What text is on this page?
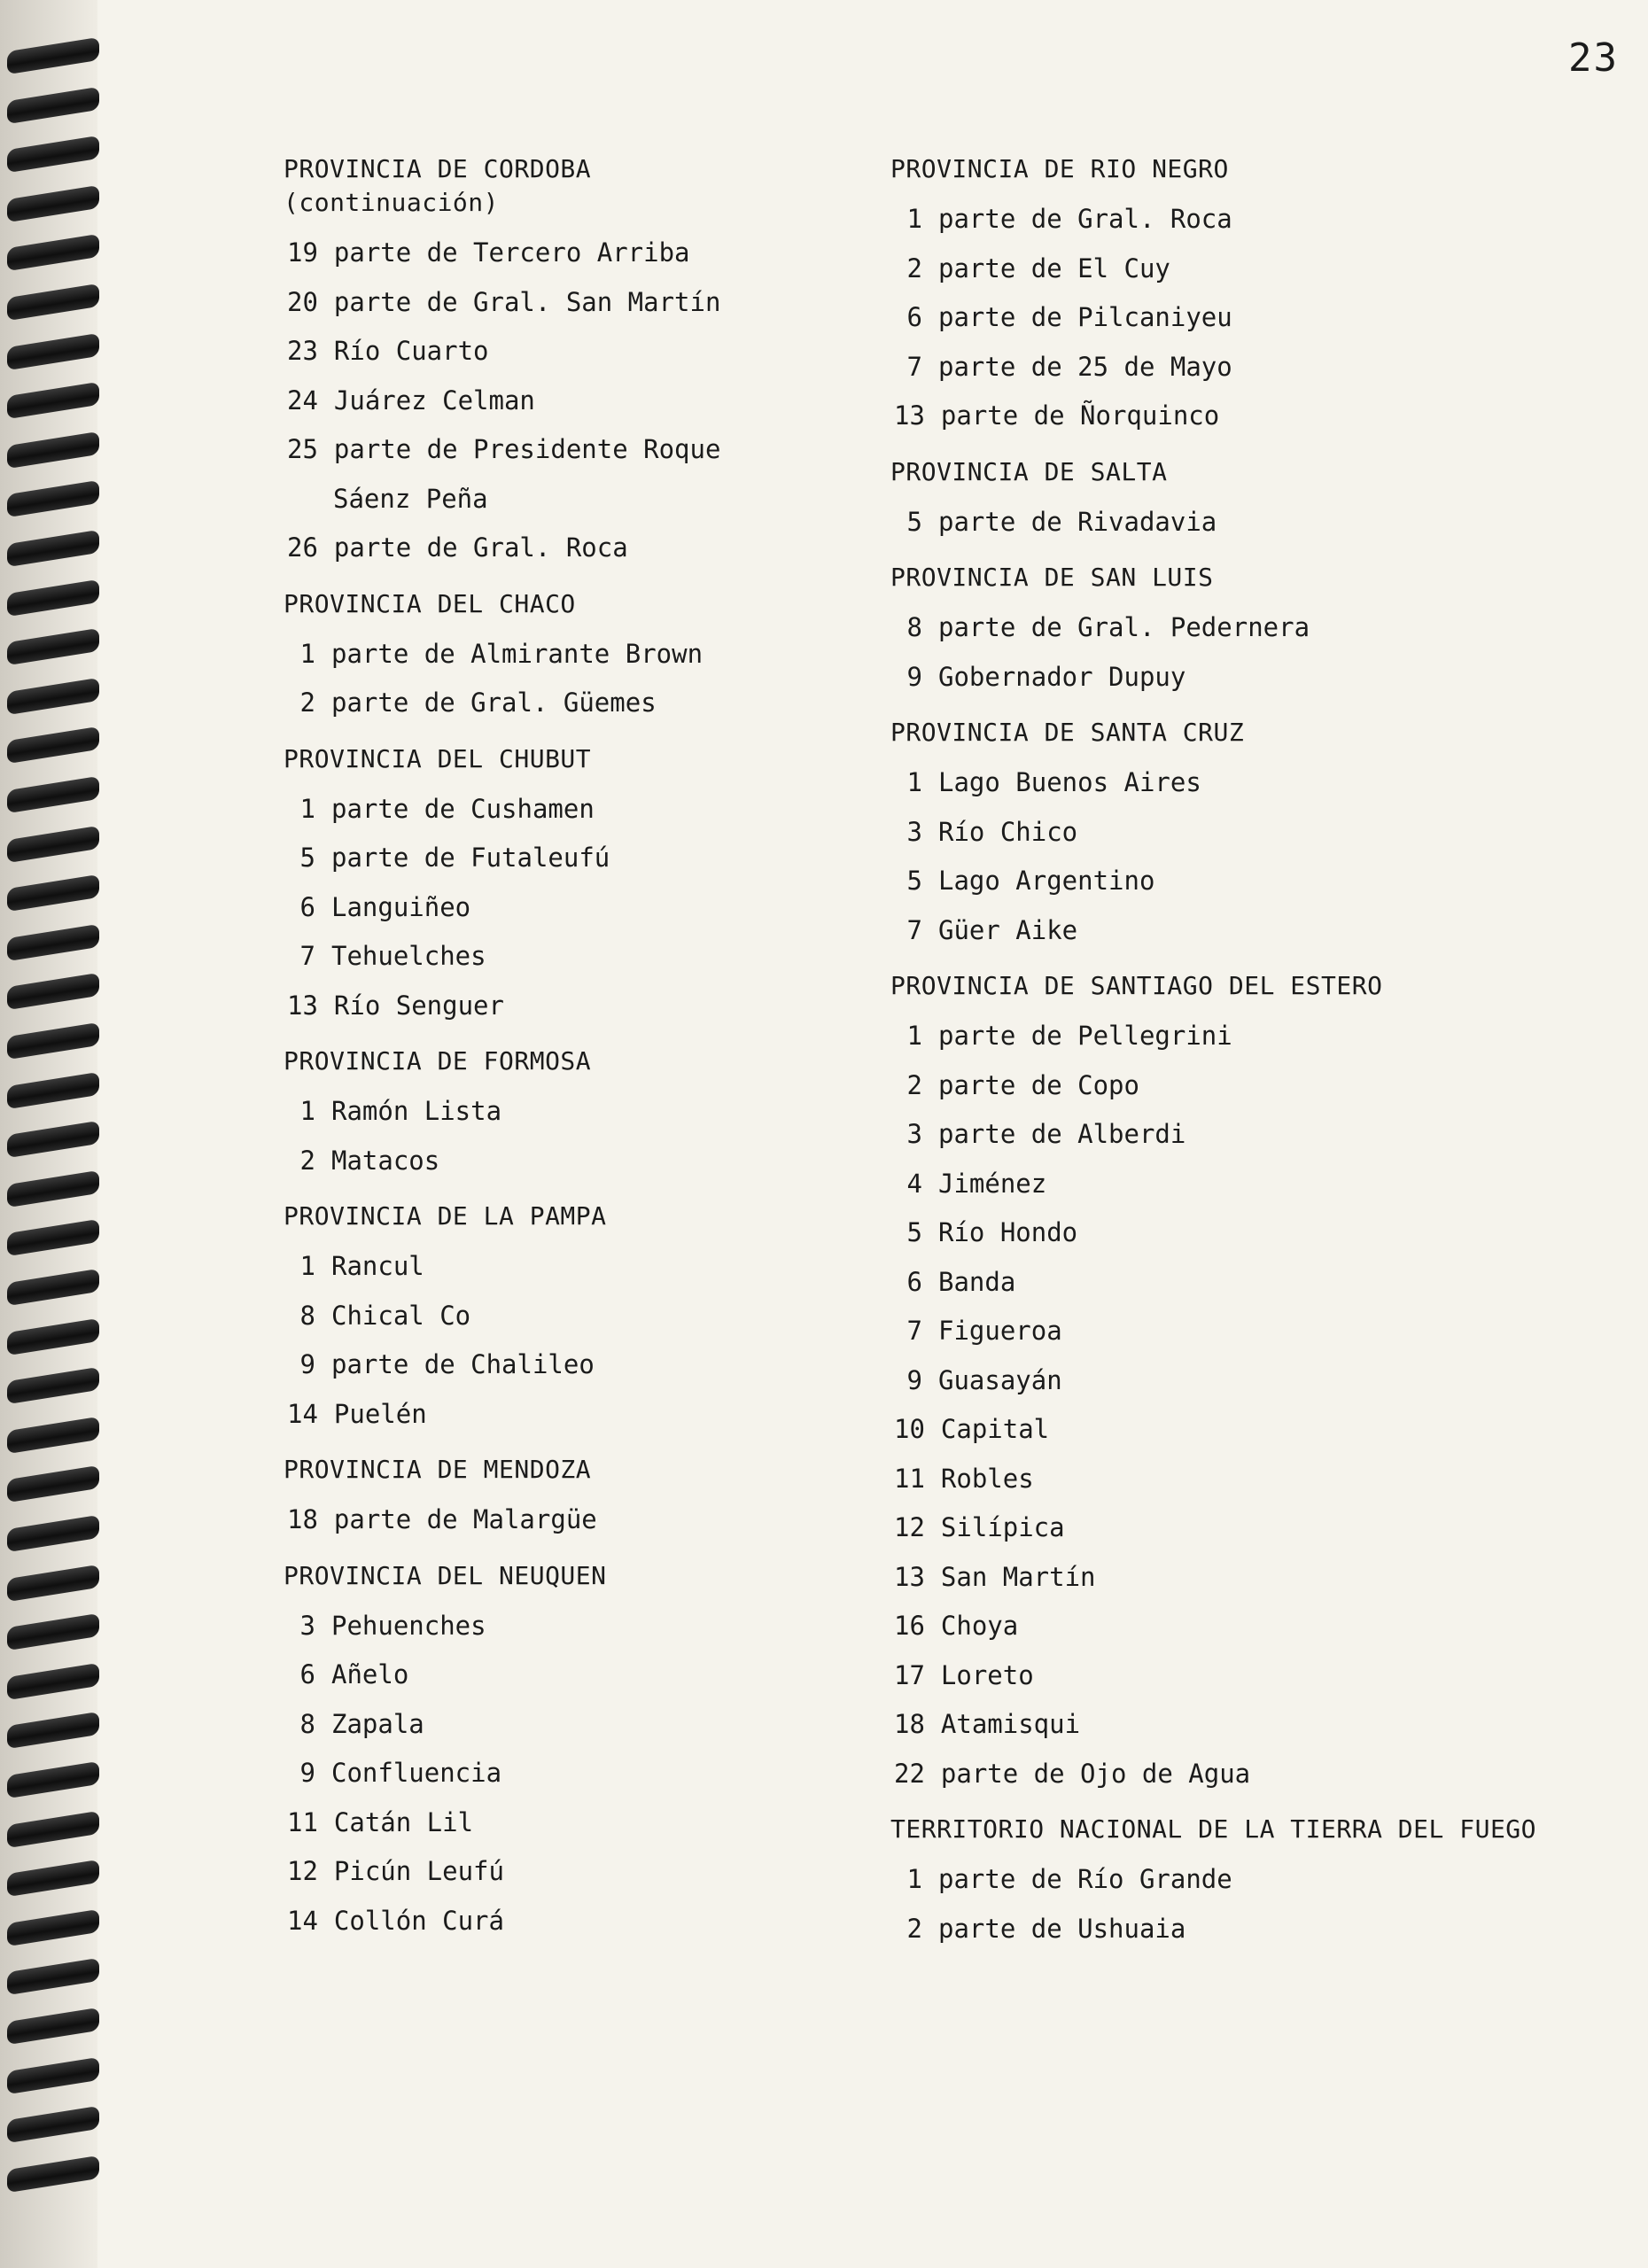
23
PROVINCIA DE CORDOBA
(continuación)
19 parte de Tercero Arriba
20 parte de Gral. San Martín
23 Río Cuarto
24 Juárez Celman
25 parte de Presidente Roque
Sáenz Peña
26 parte de Gral. Roca
PROVINCIA DEL CHACO
1 parte de Almirante Brown
2 parte de Gral. Güemes
PROVINCIA DEL CHUBUT
1 parte de Cushamen
5 parte de Futaleufú
6 Languiñeo
7 Tehuelches
13 Río Senguer
PROVINCIA DE FORMOSA
1 Ramón Lista
2 Matacos
PROVINCIA DE LA PAMPA
1 Rancul
8 Chical Co
9 parte de Chalileo
14 Puelén
PROVINCIA DE MENDOZA
18 parte de Malargüe
PROVINCIA DEL NEUQUEN
3 Pehuenches
6 Añelo
8 Zapala
9 Confluencia
11 Catán Lil
12 Picún Leufú
14 Collón Curá
PROVINCIA DE RIO NEGRO
1 parte de Gral. Roca
2 parte de El Cuy
6 parte de Pilcaniyeu
7 parte de 25 de Mayo
13 parte de Ñorquinco
PROVINCIA DE SALTA
5 parte de Rivadavia
PROVINCIA DE SAN LUIS
8 parte de Gral. Pedernera
9 Gobernador Dupuy
PROVINCIA DE SANTA CRUZ
1 Lago Buenos Aires
3 Río Chico
5 Lago Argentino
7 Güer Aike
PROVINCIA DE SANTIAGO DEL ESTERO
1 parte de Pellegrini
2 parte de Copo
3 parte de Alberdi
4 Jiménez
5 Río Hondo
6 Banda
7 Figueroa
9 Guasayán
10 Capital
11 Robles
12 Silípica
13 San Martín
16 Choya
17 Loreto
18 Atamisqui
22 parte de Ojo de Agua
TERRITORIO NACIONAL DE LA TIERRA DEL FUEGO
1 parte de Río Grande
2 parte de Ushuaia
